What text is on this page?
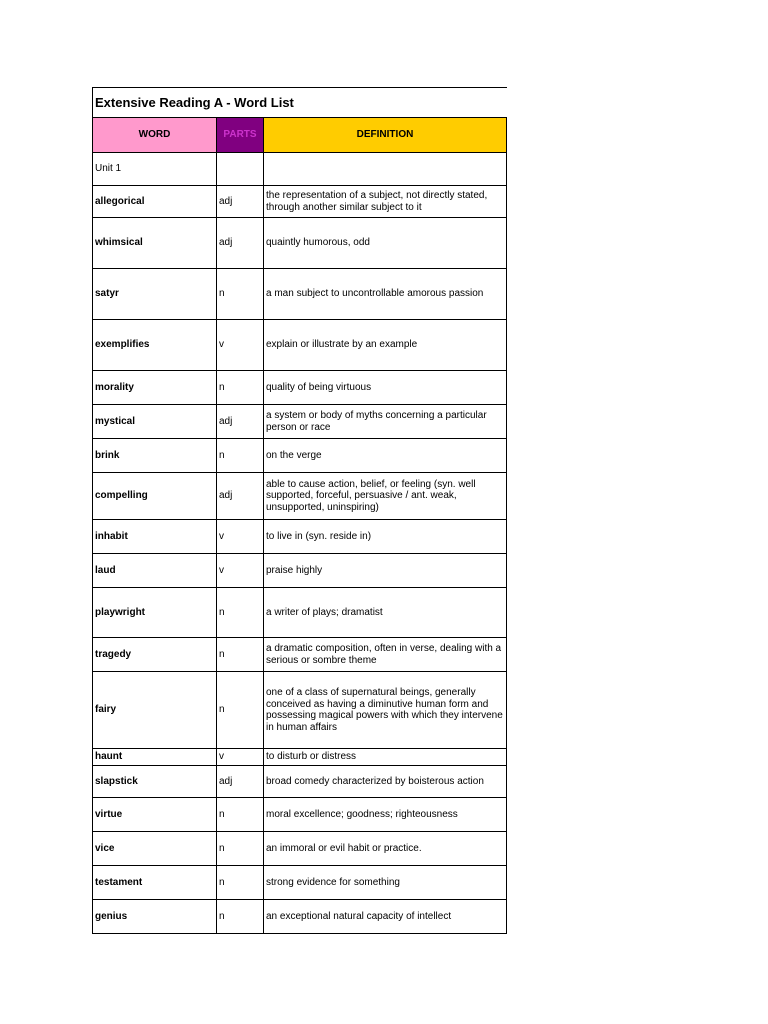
Extensive Reading A - Word List		
WORD	PARTS	DEFINITION
Unit 1		
allegorical	adj	the representation of a subject, not directly stated, through another similar subject to it
whimsical	adj	quaintly humorous, odd
satyr	n	a man subject to uncontrollable amorous passion
exemplifies	v	explain or illustrate by an example
morality	n	quality of being virtuous
mystical	adj	a system or body of myths concerning a particular person or race
brink	n	on the verge
compelling	adj	able to cause action, belief, or feeling (syn. well supported, forceful, persuasive / ant. weak, unsupported, uninspiring)
inhabit	v	to live in (syn. reside in)
laud	v	praise highly
playwright	n	a writer of plays; dramatist
tragedy	n	a dramatic composition, often in verse, dealing with a serious or sombre theme
fairy	n	one of a class of supernatural beings, generally conceived as having a diminutive human form and possessing magical powers with which they intervene in human affairs
haunt	v	to disturb or distress
slapstick	adj	broad comedy characterized by boisterous action
virtue	n	moral excellence; goodness; righteousness
vice	n	an immoral or evil habit or practice.
testament	n	strong evidence for something
genius	n	an exceptional natural capacity of intellect
